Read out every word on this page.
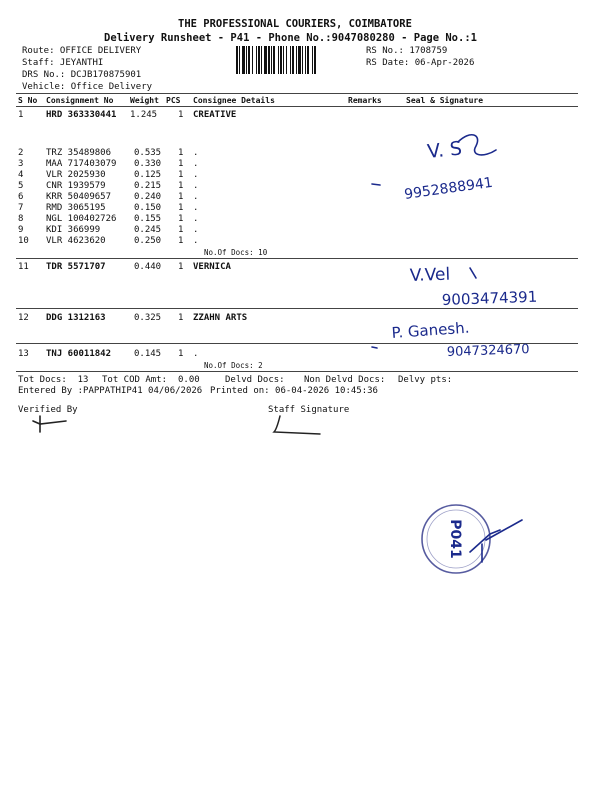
THE PROFESSIONAL COURIERS, COIMBATORE
Delivery Runsheet - P41 - Phone No.:9047080280 - Page No.:1
Route: OFFICE DELIVERY
Staff: JEYANTHI
DRS No.: DCJB170875901
Vehicle: Office Delivery
RS No.: 1708759
RS Date: 06-Apr-2026
S No Consignment No Weight PCS Consignee Details	Remarks	Seal & Signature
1	HRD 363330441 1.245 1 CREATIVE
2	TRZ 35489806	0.535 1 .
3	MAA 717403079 0.330 1 .
4	VLR 2025930	0.125 1 .
5	CNR 1939579	0.215 1 .
6	KRR 50409657	0.240 1 .
7	RMD 3065195	0.150 1 .
8	NGL 100402726 0.155 1 .
9	KDI 366999	0.245 1 .
10 VLR 4623620	0.250 1 .
No.Of Docs: 10
11 TDR 5571707	0.440 1 VERNICA
12 DDG 1312163	0.325 1 ZZAHN ARTS
13 TNJ 60011842	0.145 1 .
No.Of Docs: 2
Tot Docs:  13 Tot COD Amt: 0.00	Delvd Docs: Non Delvd Docs: Delvy pts:
Entered By :PAPPATHIP41 04/06/2026 Printed on: 06-04-2026 10:45:36
Verified By	Staff Signature
V. S
9952888941
V.Vel
9003474391
P. Ganesh.
9047324670
P041
